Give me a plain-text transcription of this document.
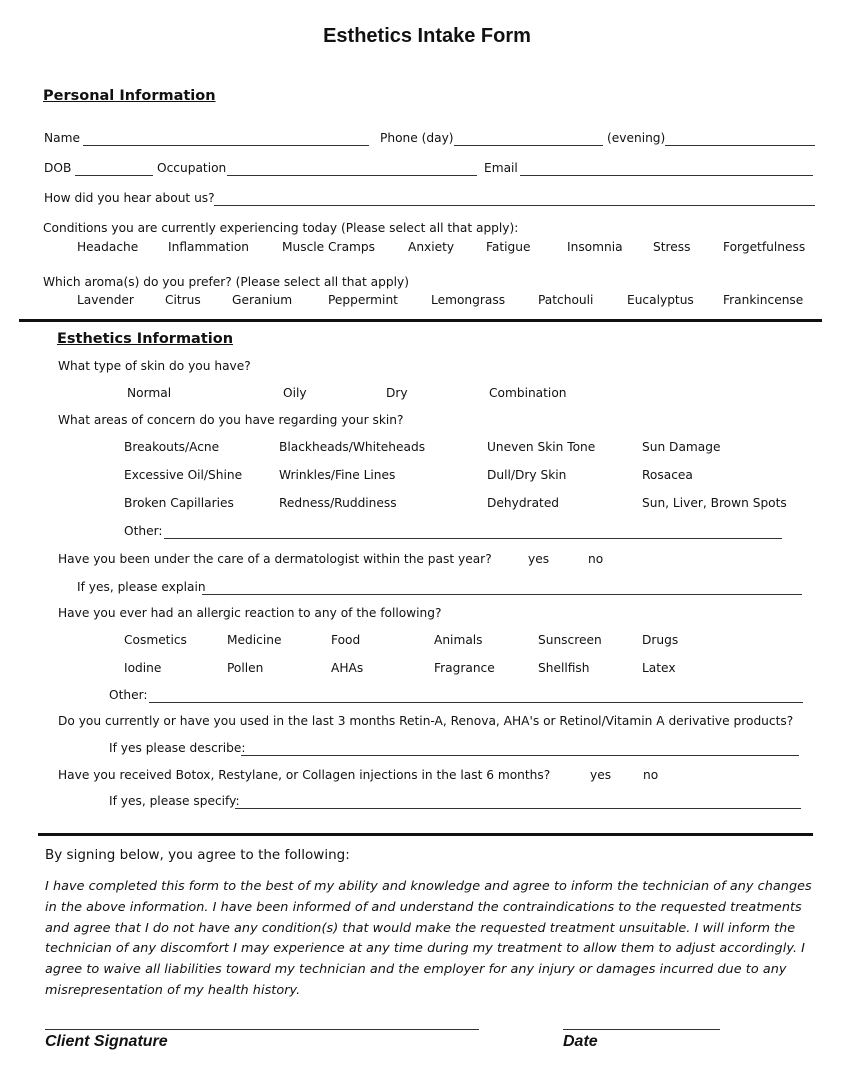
Esthetics Intake Form
Personal Information
Name	Phone (day)	(evening)
DOB	Occupation	Email
How did you hear about us?
Conditions you are currently experiencing today (Please select all that apply):
Headache Inflammation	Muscle Cramps	Anxiety	Fatigue	Insomnia Stress	Forgetfulness
Which aroma(s) do you prefer? (Please select all that apply)
Lavender	Citrus	Geranium	Peppermint	Lemongrass	Patchouli	Eucalyptus Frankincense
Esthetics Information
What type of skin do you have?
Normal	Oily	Dry	Combination
What areas of concern do you have regarding your skin?
Breakouts/Acne	Blackheads/Whiteheads	Uneven Skin Tone	Sun Damage
Excessive Oil/Shine	Wrinkles/Fine Lines	Dull/Dry Skin	Rosacea
Broken Capillaries	Redness/Ruddiness	Dehydrated	Sun, Liver, Brown Spots
Other:
Have you been under the care of a dermatologist within the past year?	yes	no
If yes, please explain
Have you ever had an allergic reaction to any of the following?
Cosmetics	Medicine	Food	Animals	Sunscreen	Drugs
Iodine	Pollen	AHAs	Fragrance	Shellfish	Latex
Other:
Do you currently or have you used in the last 3 months Retin-A, Renova, AHA's or Retinol/Vitamin A derivative products?
If yes please describe:
Have you received Botox, Restylane, or Collagen injections in the last 6 months?	yes	no
If yes, please specify:
By signing below, you agree to the following:
I have completed this form to the best of my ability and knowledge and agree to inform the technician of any changes in the above information. I have been informed of and understand the contraindications to the requested treatments and agree that I do not have any condition(s) that would make the requested treatment unsuitable. I will inform the technician of any discomfort I may experience at any time during my treatment to allow them to adjust accordingly. I agree to waive all liabilities toward my technician and the employer for any injury or damages incurred due to any misrepresentation of my health history.
Client Signature	Date
